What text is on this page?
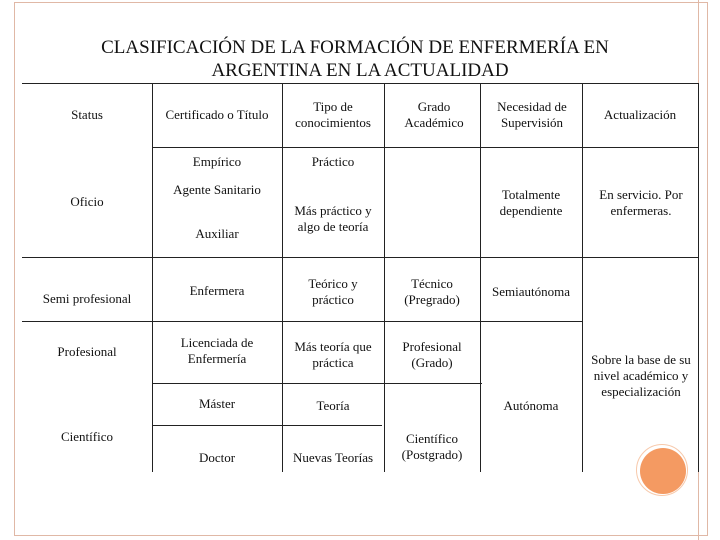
CLASIFICACIÓN DE LA FORMACIÓN DE ENFERMERÍA EN
ARGENTINA EN LA ACTUALIDAD
Status	Certificado o Título
Tipo de conocimientos
Grado Académico
Necesidad de Supervisión
Actualización
Oficio
Semi profesional
Profesional
Científico
Empírico
Agente Sanitario
Auxiliar
Enfermera
Licenciada de Enfermería
Máster
Doctor
Práctico
Más práctico y algo de teoría
Teórico y práctico
Más teoría que práctica
Teoría
Nuevas Teorías
Técnico (Pregrado)
Profesional (Grado)
Científico (Postgrado)
Totalmente dependiente
Semiautónoma
Autónoma
En servicio. Por enfermeras.
Sobre la base de su nivel académico y especialización
